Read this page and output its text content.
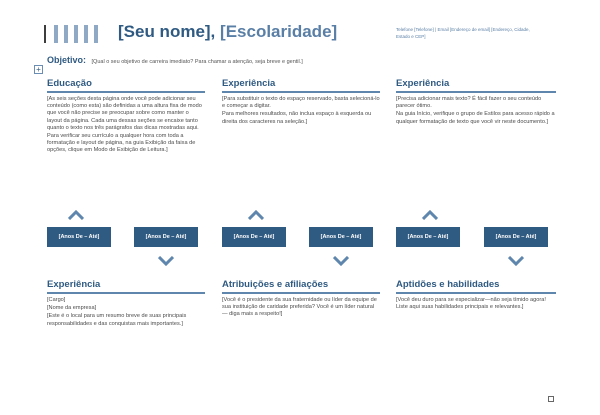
[Seu nome], [Escolaridade]	Telefone [Telefone] | Email [Endereço de email] [Endereço, Cidade, Estado e CEP]
Objetivo: [Qual o seu objetivo de carreira imediato? Para chamar a atenção, seja breve e gentil.]
+
Educação

[As seis seções desta página onde você pode adicionar seu conteúdo (como esta) são definidas a uma altura fixa de modo que você não precise se preocupar sobre como manter o layout da página. Cada uma dessas seções se encaixe tanto quanto o texto nos três parágrafos das dicas mostradas aqui.

Para verificar seu currículo a qualquer hora com toda a formatação e layout de página, na guia Exibição da faixa de opções, clique em Modo de Exibição de Leitura.]

Experiência

[Para substituir o texto do espaço reservado, basta selecioná-lo e começar a digitar.

Para melhores resultados, não inclua espaço à esquerda ou direita dos caracteres na seleção.]

Experiência

[Precisa adicionar mais texto? É fácil fazer o seu conteúdo parecer ótimo.

Na guia Início, verifique o grupo de Estilos para acesso rápido a qualquer formatação de texto que você vir neste documento.]

[Anos De – Até]	[Anos De – Até]	[Anos De – Até]	[Anos De – Até]	[Anos De – Até]	[Anos De – Até]
Experiência

[Cargo]

[Nome da empresa]

[Este é o local para um resumo breve de suas principais responsabilidades e das conquistas mais importantes.]

Atribuições e afiliações

[Você é o presidente da sua fraternidade ou líder da equipe de sua instituição de caridade preferida? Você é um líder natural — diga mais a respeito!]

Aptidões e habilidades

[Você deu duro para se especializar—não seja tímido agora! Liste aqui suas habilidades principais e relevantes.]
